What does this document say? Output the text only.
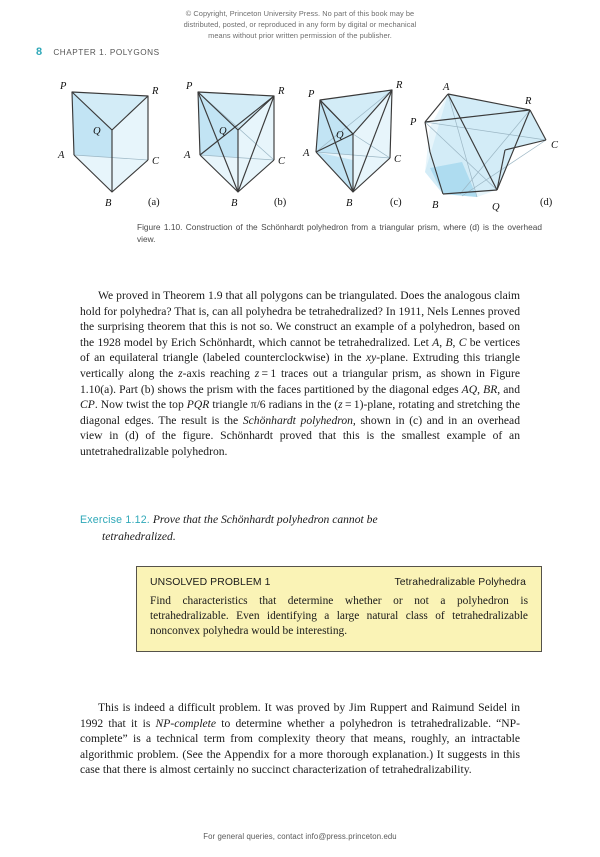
© Copyright, Princeton University Press. No part of this book may be
distributed, posted, or reproduced in any form by digital or mechanical
means without prior written permission of the publisher.
8 CHAPTER 1. POLYGONS
P	R
Q
A
C
B	(a)
P	R
Q
A
C
B	(b)
P
R
Q
A
C
B	(c)
A
R
P
C
B	Q	(d)
Figure 1.10. Construction of the Schönhardt polyhedron from a triangular prism, where (d) is the overhead view.

We proved in Theorem 1.9 that all polygons can be triangulated. Does the analogous claim hold for polyhedra? That is, can all polyhedra be tetrahedralized? In 1911, Nels Lennes proved the surprising theorem that this is not so. We construct an example of a polyhedron, based on the 1928 model by Erich Schönhardt, which cannot be tetrahedralized. Let A, B, C be vertices of an equilateral triangle (labeled counterclockwise) in the xy-plane. Extruding this triangle vertically along the z-axis reaching z = 1 traces out a triangular prism, as shown in Figure 1.10(a). Part (b) shows the prism with the faces partitioned by the diagonal edges AQ, BR, and CP. Now twist the top PQR triangle π/6 radians in the (z = 1)-plane, rotating and stretching the diagonal edges. The result is the Schönhardt polyhedron, shown in (c) and in an overhead view in (d) of the figure. Schönhardt proved that this is the smallest example of an untetrahedralizable polyhedron.

Exercise 1.12. Prove that the Schönhardt polyhedron cannot be
tetrahedralized.
UNSOLVED PROBLEM 1	Tetrahedralizable Polyhedra

Find characteristics that determine whether or not a polyhedron is tetrahedralizable. Even identifying a large natural class of tetrahedralizable nonconvex polyhedra would be interesting.

This is indeed a difficult problem. It was proved by Jim Ruppert and Raimund Seidel in 1992 that it is NP-complete to determine whether a polyhedron is tetrahedralizable. “NP-complete” is a technical term from complexity theory that means, roughly, an intractable algorithmic problem. (See the Appendix for a more thorough explanation.) It suggests in this case that there is almost certainly no succinct characterization of tetrahedralizability.

For general queries, contact info@press.princeton.edu
